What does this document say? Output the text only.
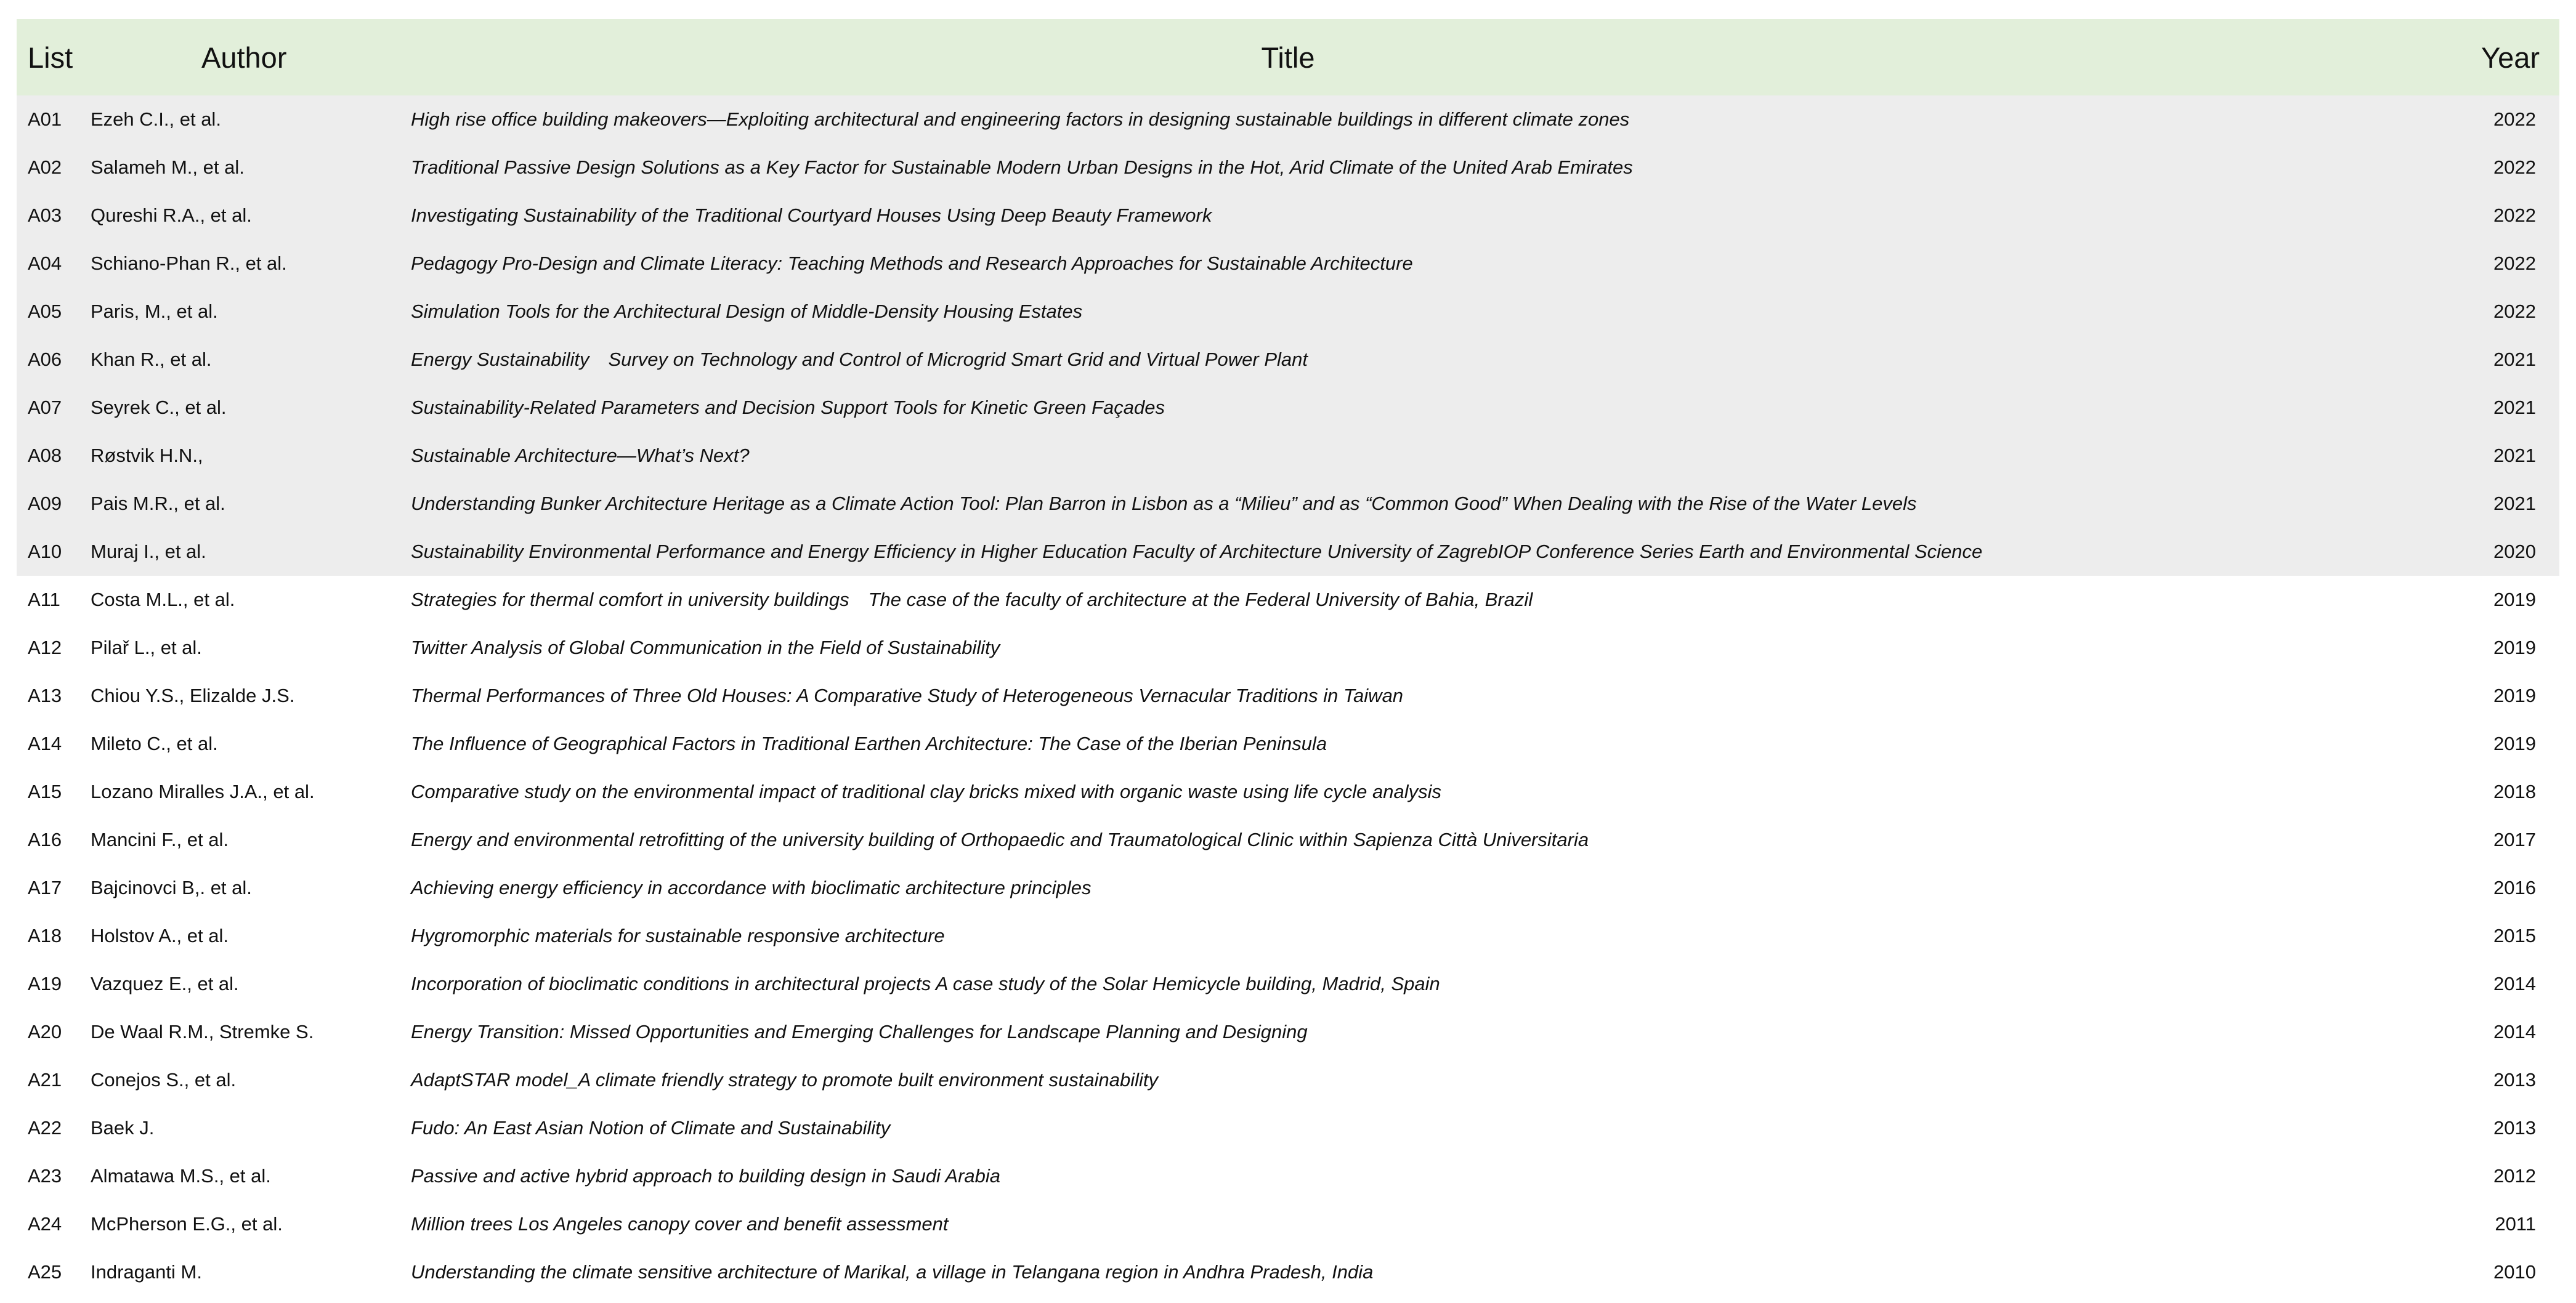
List	Author	Title	Year
A01 Ezeh C.I., et al.	High rise office building makeovers—Exploiting architectural and engineering factors in designing sustainable buildings in different climate zones	2022
A02 Salameh M., et al.	Traditional Passive Design Solutions as a Key Factor for Sustainable Modern Urban Designs in the Hot, Arid Climate of the United Arab Emirates	2022
A03 Qureshi R.A., et al.	Investigating Sustainability of the Traditional Courtyard Houses Using Deep Beauty Framework	2022
A04 Schiano-Phan R., et al.	Pedagogy Pro-Design and Climate Literacy: Teaching Methods and Research Approaches for Sustainable Architecture	2022
A05 Paris, M., et al.	Simulation Tools for the Architectural Design of Middle-Density Housing Estates	2022
A06 Khan R., et al.	Energy Sustainability Survey on Technology and Control of Microgrid Smart Grid and Virtual Power Plant	2021
A07 Seyrek C., et al.	Sustainability-Related Parameters and Decision Support Tools for Kinetic Green Façades	2021
A08 Røstvik H.N.,	Sustainable Architecture—What’s Next?	2021
A09 Pais M.R., et al.	Understanding Bunker Architecture Heritage as a Climate Action Tool: Plan Barron in Lisbon as a “Milieu” and as “Common Good” When Dealing with the Rise of the Water Levels	2021
A10 Muraj I., et al.	Sustainability Environmental Performance and Energy Efficiency in Higher Education Faculty of Architecture University of ZagrebIOP Conference Series Earth and Environmental Science	2020
A11 Costa M.L., et al.	Strategies for thermal comfort in university buildings The case of the faculty of architecture at the Federal University of Bahia, Brazil	2019
A12 Pilař L., et al.	Twitter Analysis of Global Communication in the Field of Sustainability	2019
A13 Chiou Y.S., Elizalde J.S.	Thermal Performances of Three Old Houses: A Comparative Study of Heterogeneous Vernacular Traditions in Taiwan	2019
A14 Mileto C., et al.	The Influence of Geographical Factors in Traditional Earthen Architecture: The Case of the Iberian Peninsula	2019
A15 Lozano Miralles J.A., et al.	Comparative study on the environmental impact of traditional clay bricks mixed with organic waste using life cycle analysis	2018
A16 Mancini F., et al.	Energy and environmental retrofitting of the university building of Orthopaedic and Traumatological Clinic within Sapienza Città Universitaria	2017
A17 Bajcinovci B,. et al.	Achieving energy efficiency in accordance with bioclimatic architecture principles	2016
A18 Holstov A., et al.	Hygromorphic materials for sustainable responsive architecture	2015
A19 Vazquez E., et al.	Incorporation of bioclimatic conditions in architectural projects A case study of the Solar Hemicycle building, Madrid, Spain	2014
A20 De Waal R.M., Stremke S.	Energy Transition: Missed Opportunities and Emerging Challenges for Landscape Planning and Designing	2014
A21 Conejos S., et al.	AdaptSTAR model_A climate friendly strategy to promote built environment sustainability	2013
A22 Baek J.	Fudo: An East Asian Notion of Climate and Sustainability	2013
A23 Almatawa M.S., et al.	Passive and active hybrid approach to building design in Saudi Arabia	2012
A24 McPherson E.G., et al.	Million trees Los Angeles canopy cover and benefit assessment	2011
A25 Indraganti M.	Understanding the climate sensitive architecture of Marikal, a village in Telangana region in Andhra Pradesh, India	2010
